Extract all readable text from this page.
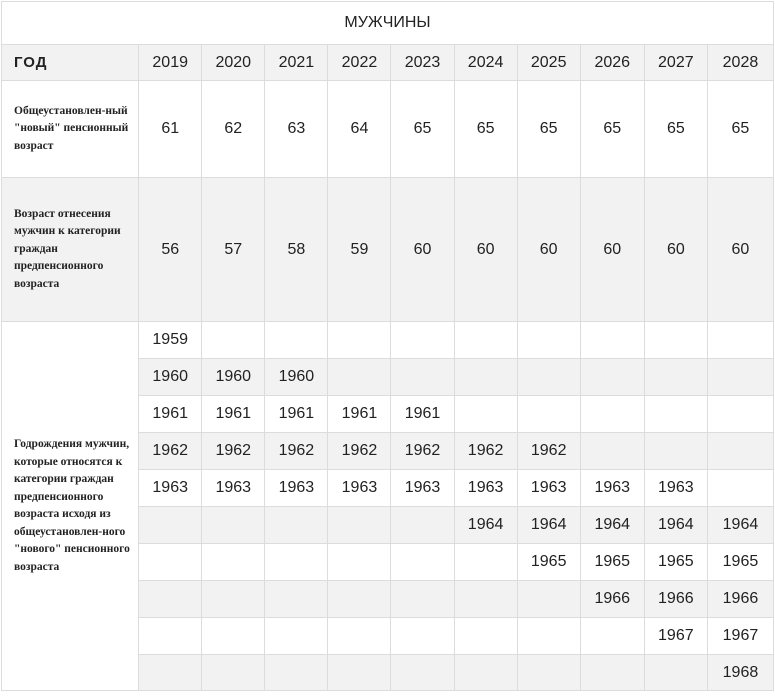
МУЖЧИНЫ										
ГОД	2019	2020	2021	2022	2023	2024	2025	2026	2027	2028
Общеустановлен-ный "новый" пенсионный возраст	61	62	63	64	65	65	65	65	65	65
Возраст отнесения мужчин к категории граждан предпенсионного возраста	56	57	58	59	60	60	60	60	60	60
Годрождения мужчин, которые относятся к категории граждан предпенсионного возраста исходя из общеустановлен-ного "нового" пенсионного возраста	1959									
	1960	1960	1960							
	1961	1961	1961	1961	1961					
	1962	1962	1962	1962	1962	1962	1962			
	1963	1963	1963	1963	1963	1963	1963	1963	1963	
						1964	1964	1964	1964	1964
							1965	1965	1965	1965
								1966	1966	1966
									1967	1967
										1968
